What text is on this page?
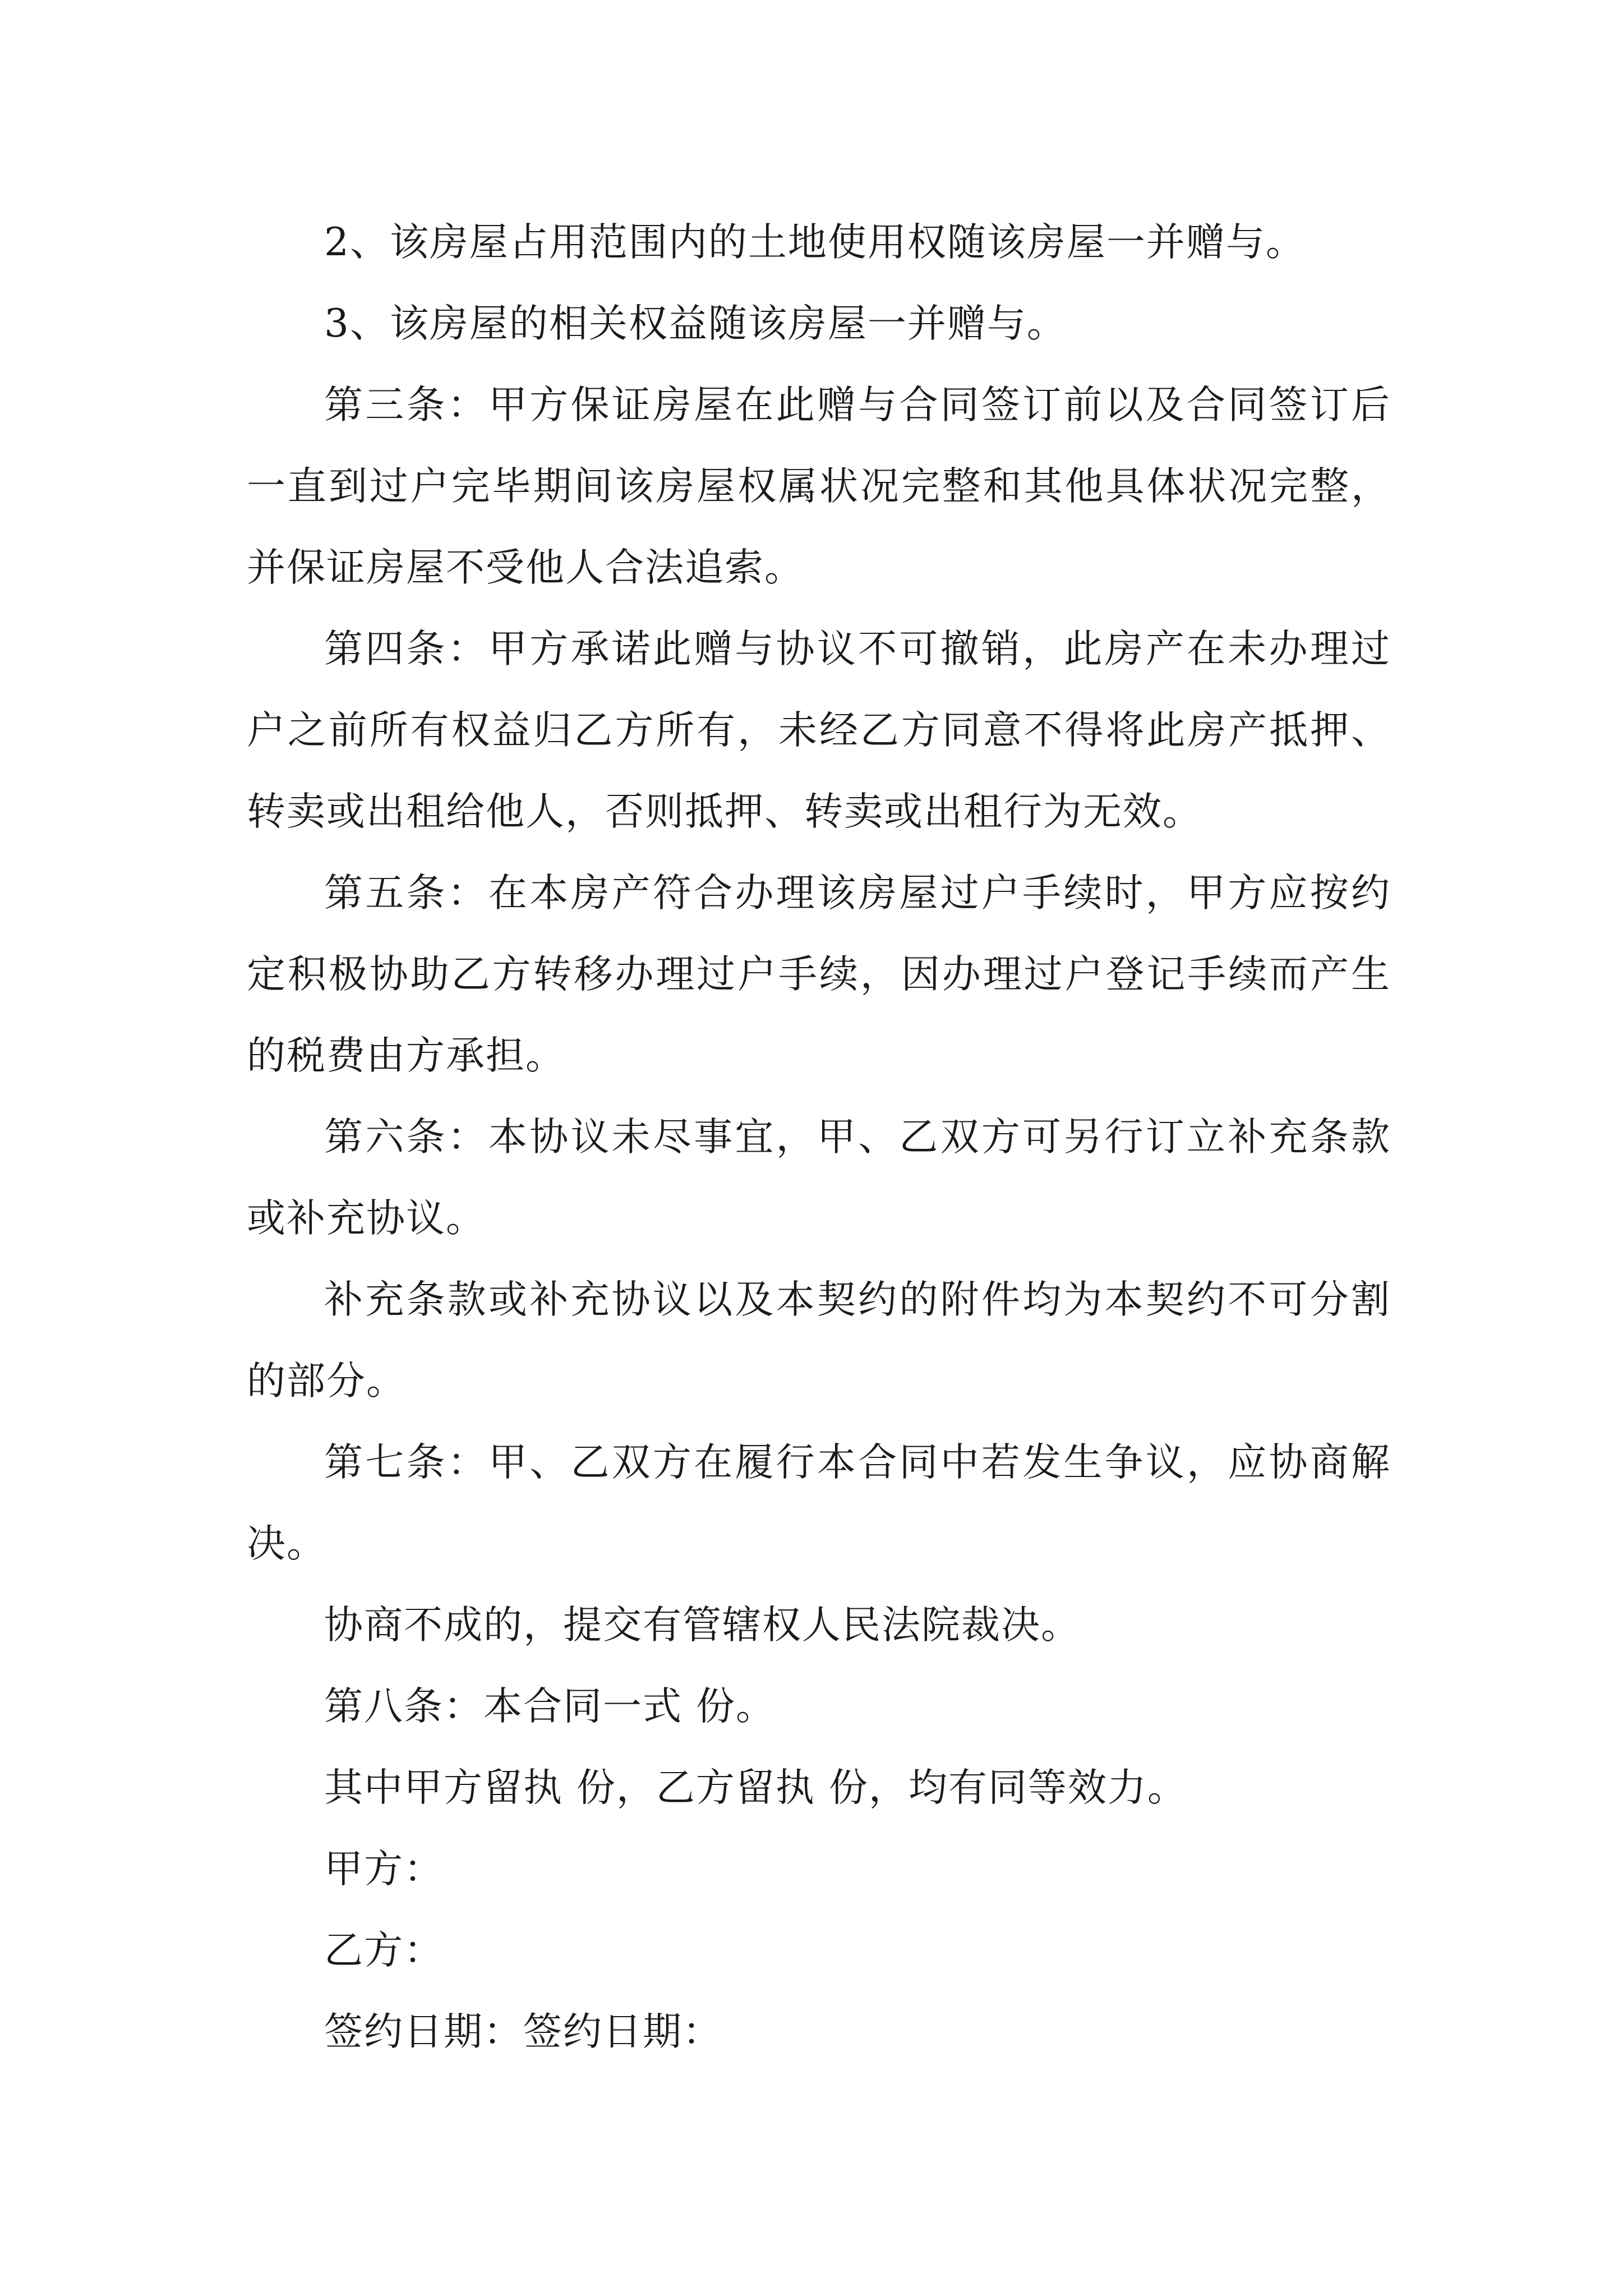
2、该房屋占用范围内的土地使用权随该房屋一并赠与。

3、该房屋的相关权益随该房屋一并赠与。

第三条：甲方保证房屋在此赠与合同签订前以及合同签订后一直到过户完毕期间该房屋权属状况完整和其他具体状况完整，并保证房屋不受他人合法追索。

第四条：甲方承诺此赠与协议不可撤销，此房产在未办理过户之前所有权益归乙方所有，未经乙方同意不得将此房产抵押、转卖或出租给他人，否则抵押、转卖或出租行为无效。

第五条：在本房产符合办理该房屋过户手续时，甲方应按约定积极协助乙方转移办理过户手续，因办理过户登记手续而产生的税费由方承担。

第六条：本协议未尽事宜，甲、乙双方可另行订立补充条款或补充协议。

补充条款或补充协议以及本契约的附件均为本契约不可分割的部分。

第七条：甲、乙双方在履行本合同中若发生争议，应协商解决。

协商不成的，提交有管辖权人民法院裁决。

第八条：本合同一式 份。

其中甲方留执 份，乙方留执 份，均有同等效力。

甲方：

乙方：

签约日期：签约日期：
